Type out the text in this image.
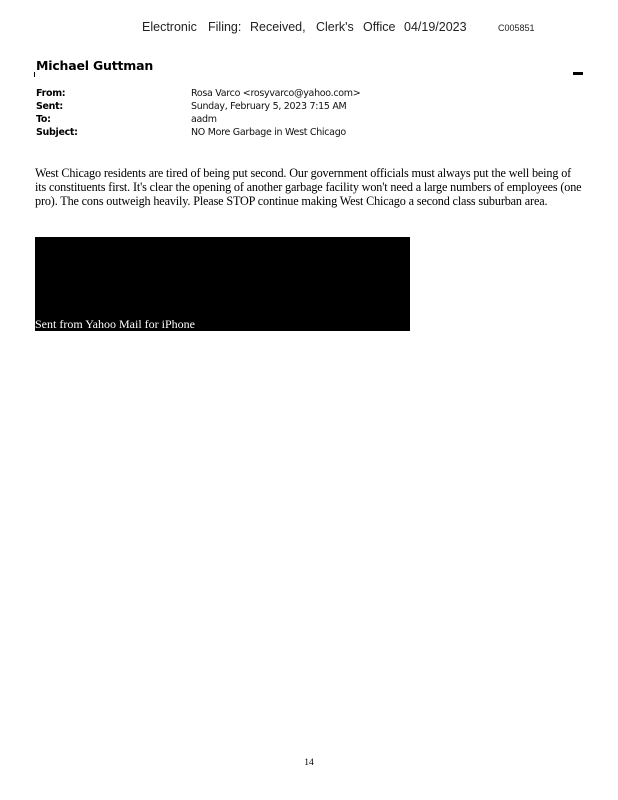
Electronic Filing: Received, Clerk's Office 04/19/2023	C005851
Michael Guttman
From:	Rosa Varco <rosyvarco@yahoo.com>
Sent:	Sunday, February 5, 2023 7:15 AM
To:	aadm
Subject:	NO More Garbage in West Chicago
West Chicago residents are tired of being put second. Our government officials must always put the well being of its constituents first. It's clear the opening of another garbage facility won't need a large numbers of employees (one pro). The cons outweigh heavily. Please STOP continue making West Chicago a second class suburban area.
Sent from Yahoo Mail for iPhone
14
